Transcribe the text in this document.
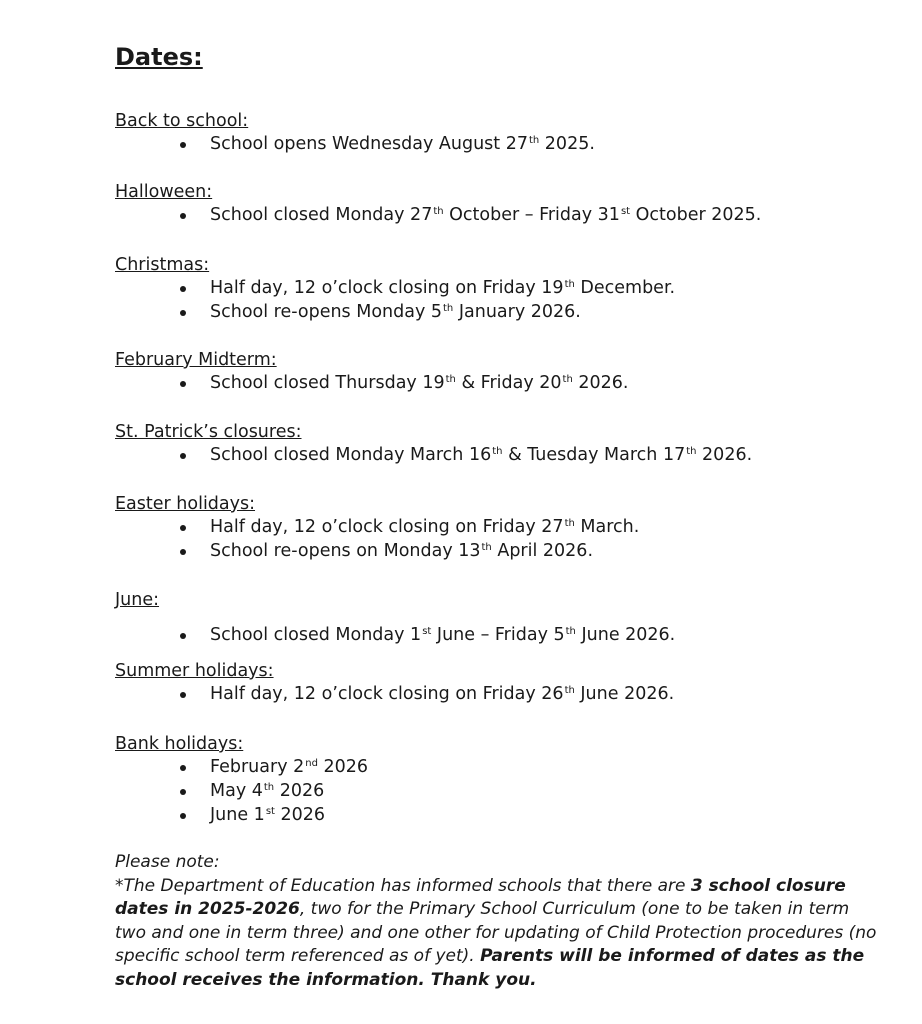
Dates:

Back to school:

School opens Wednesday August 27th 2025.

Halloween:

School closed Monday 27th October – Friday 31st October 2025.

Christmas:

Half day, 12 o’clock closing on Friday 19th December.
School re-opens Monday 5th January 2026.

February Midterm:

School closed Thursday 19th & Friday 20th 2026.

St. Patrick’s closures:

School closed Monday March 16th & Tuesday March 17th 2026.

Easter holidays:

Half day, 12 o’clock closing on Friday 27th March.
School re-opens on Monday 13th April 2026.

June:

School closed Monday 1st June – Friday 5th June 2026.

Summer holidays:

Half day, 12 o’clock closing on Friday 26th June 2026.

Bank holidays:

February 2nd 2026
May 4th 2026
June 1st 2026

Please note:

*The Department of Education has informed schools that there are 3 school closure dates in 2025-2026, two for the Primary School Curriculum (one to be taken in term two and one in term three) and one other for updating of Child Protection procedures (no specific school term referenced as of yet). Parents will be informed of dates as the school receives the information. Thank you.
